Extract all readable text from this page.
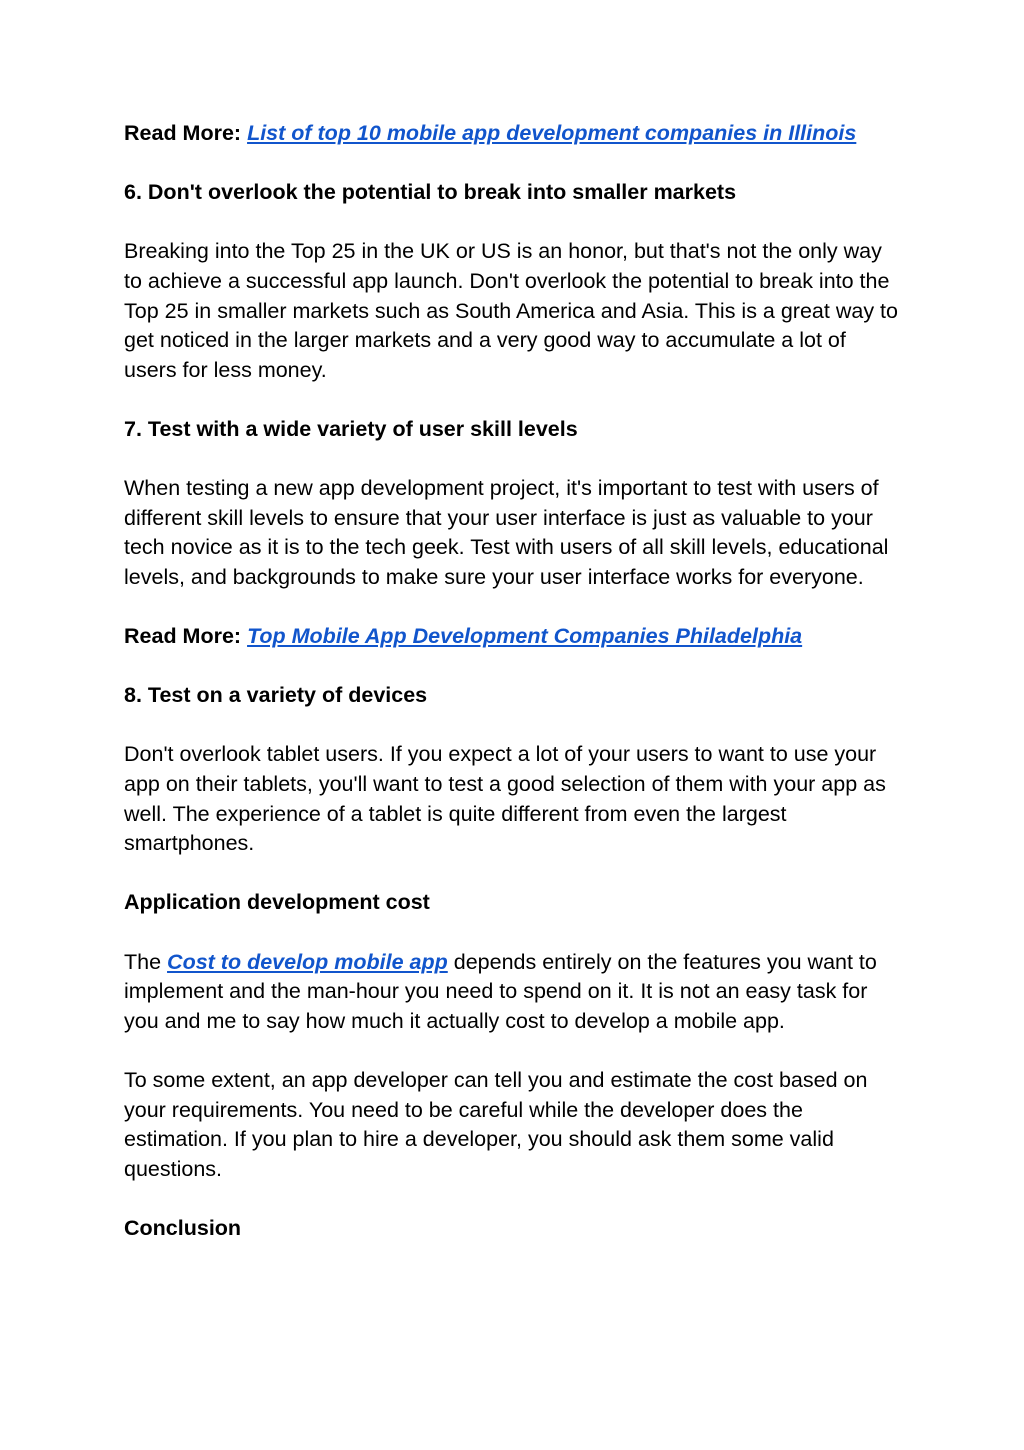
Read More: List of top 10 mobile app development companies in Illinois

6. Don't overlook the potential to break into smaller markets

Breaking into the Top 25 in the UK or US is an honor, but that's not the only way to achieve a successful app launch. Don't overlook the potential to break into the Top 25 in smaller markets such as South America and Asia. This is a great way to get noticed in the larger markets and a very good way to accumulate a lot of users for less money.

7. Test with a wide variety of user skill levels

When testing a new app development project, it's important to test with users of different skill levels to ensure that your user interface is just as valuable to your tech novice as it is to the tech geek. Test with users of all skill levels, educational levels, and backgrounds to make sure your user interface works for everyone.

Read More: Top Mobile App Development Companies Philadelphia

8. Test on a variety of devices

Don't overlook tablet users. If you expect a lot of your users to want to use your app on their tablets, you'll want to test a good selection of them with your app as well. The experience of a tablet is quite different from even the largest smartphones.

Application development cost

The Cost to develop mobile app depends entirely on the features you want to implement and the man-hour you need to spend on it. It is not an easy task for you and me to say how much it actually cost to develop a mobile app.

To some extent, an app developer can tell you and estimate the cost based on your requirements. You need to be careful while the developer does the estimation. If you plan to hire a developer, you should ask them some valid questions.

Conclusion
